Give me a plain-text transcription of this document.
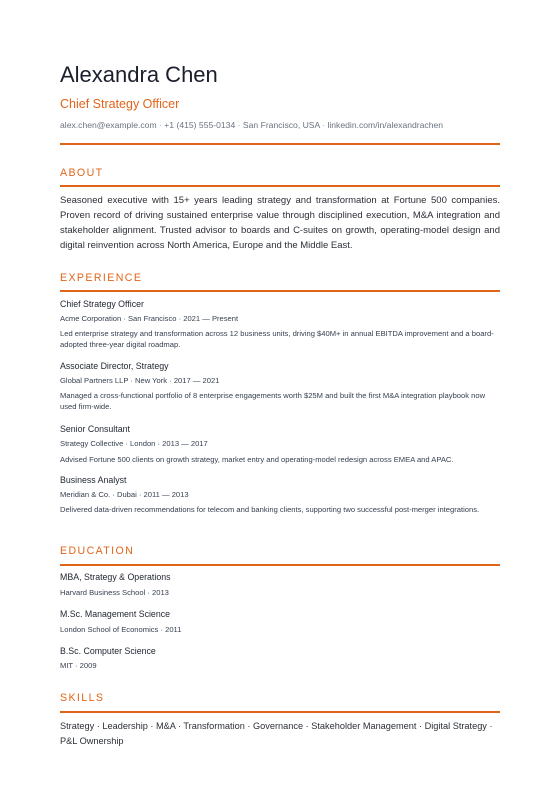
Alexandra Chen
Chief Strategy Officer
alex.chen@example.com · +1 (415) 555-0134 · San Francisco, USA · linkedin.com/in/alexandrachen
ABOUT
Seasoned executive with 15+ years leading strategy and transformation at Fortune 500 companies. Proven record of driving sustained enterprise value through disciplined execution, M&A integration and stakeholder alignment. Trusted advisor to boards and C-suites on growth, operating-model design and digital reinvention across North America, Europe and the Middle East.
EXPERIENCE
Chief Strategy Officer
Acme Corporation · San Francisco · 2021 — Present
Led enterprise strategy and transformation across 12 business units, driving $40M+ in annual EBITDA improvement and a board-adopted three-year digital roadmap.
Associate Director, Strategy
Global Partners LLP · New York · 2017 — 2021
Managed a cross-functional portfolio of 8 enterprise engagements worth $25M and built the first M&A integration playbook now used firm-wide.
Senior Consultant
Strategy Collective · London · 2013 — 2017
Advised Fortune 500 clients on growth strategy, market entry and operating-model redesign across EMEA and APAC.
Business Analyst
Meridian & Co. · Dubai · 2011 — 2013
Delivered data-driven recommendations for telecom and banking clients, supporting two successful post-merger integrations.
EDUCATION
MBA, Strategy & Operations
Harvard Business School · 2013
M.Sc. Management Science
London School of Economics · 2011
B.Sc. Computer Science
MIT · 2009
SKILLS
Strategy · Leadership · M&A · Transformation · Governance · Stakeholder Management · Digital Strategy · P&L Ownership
